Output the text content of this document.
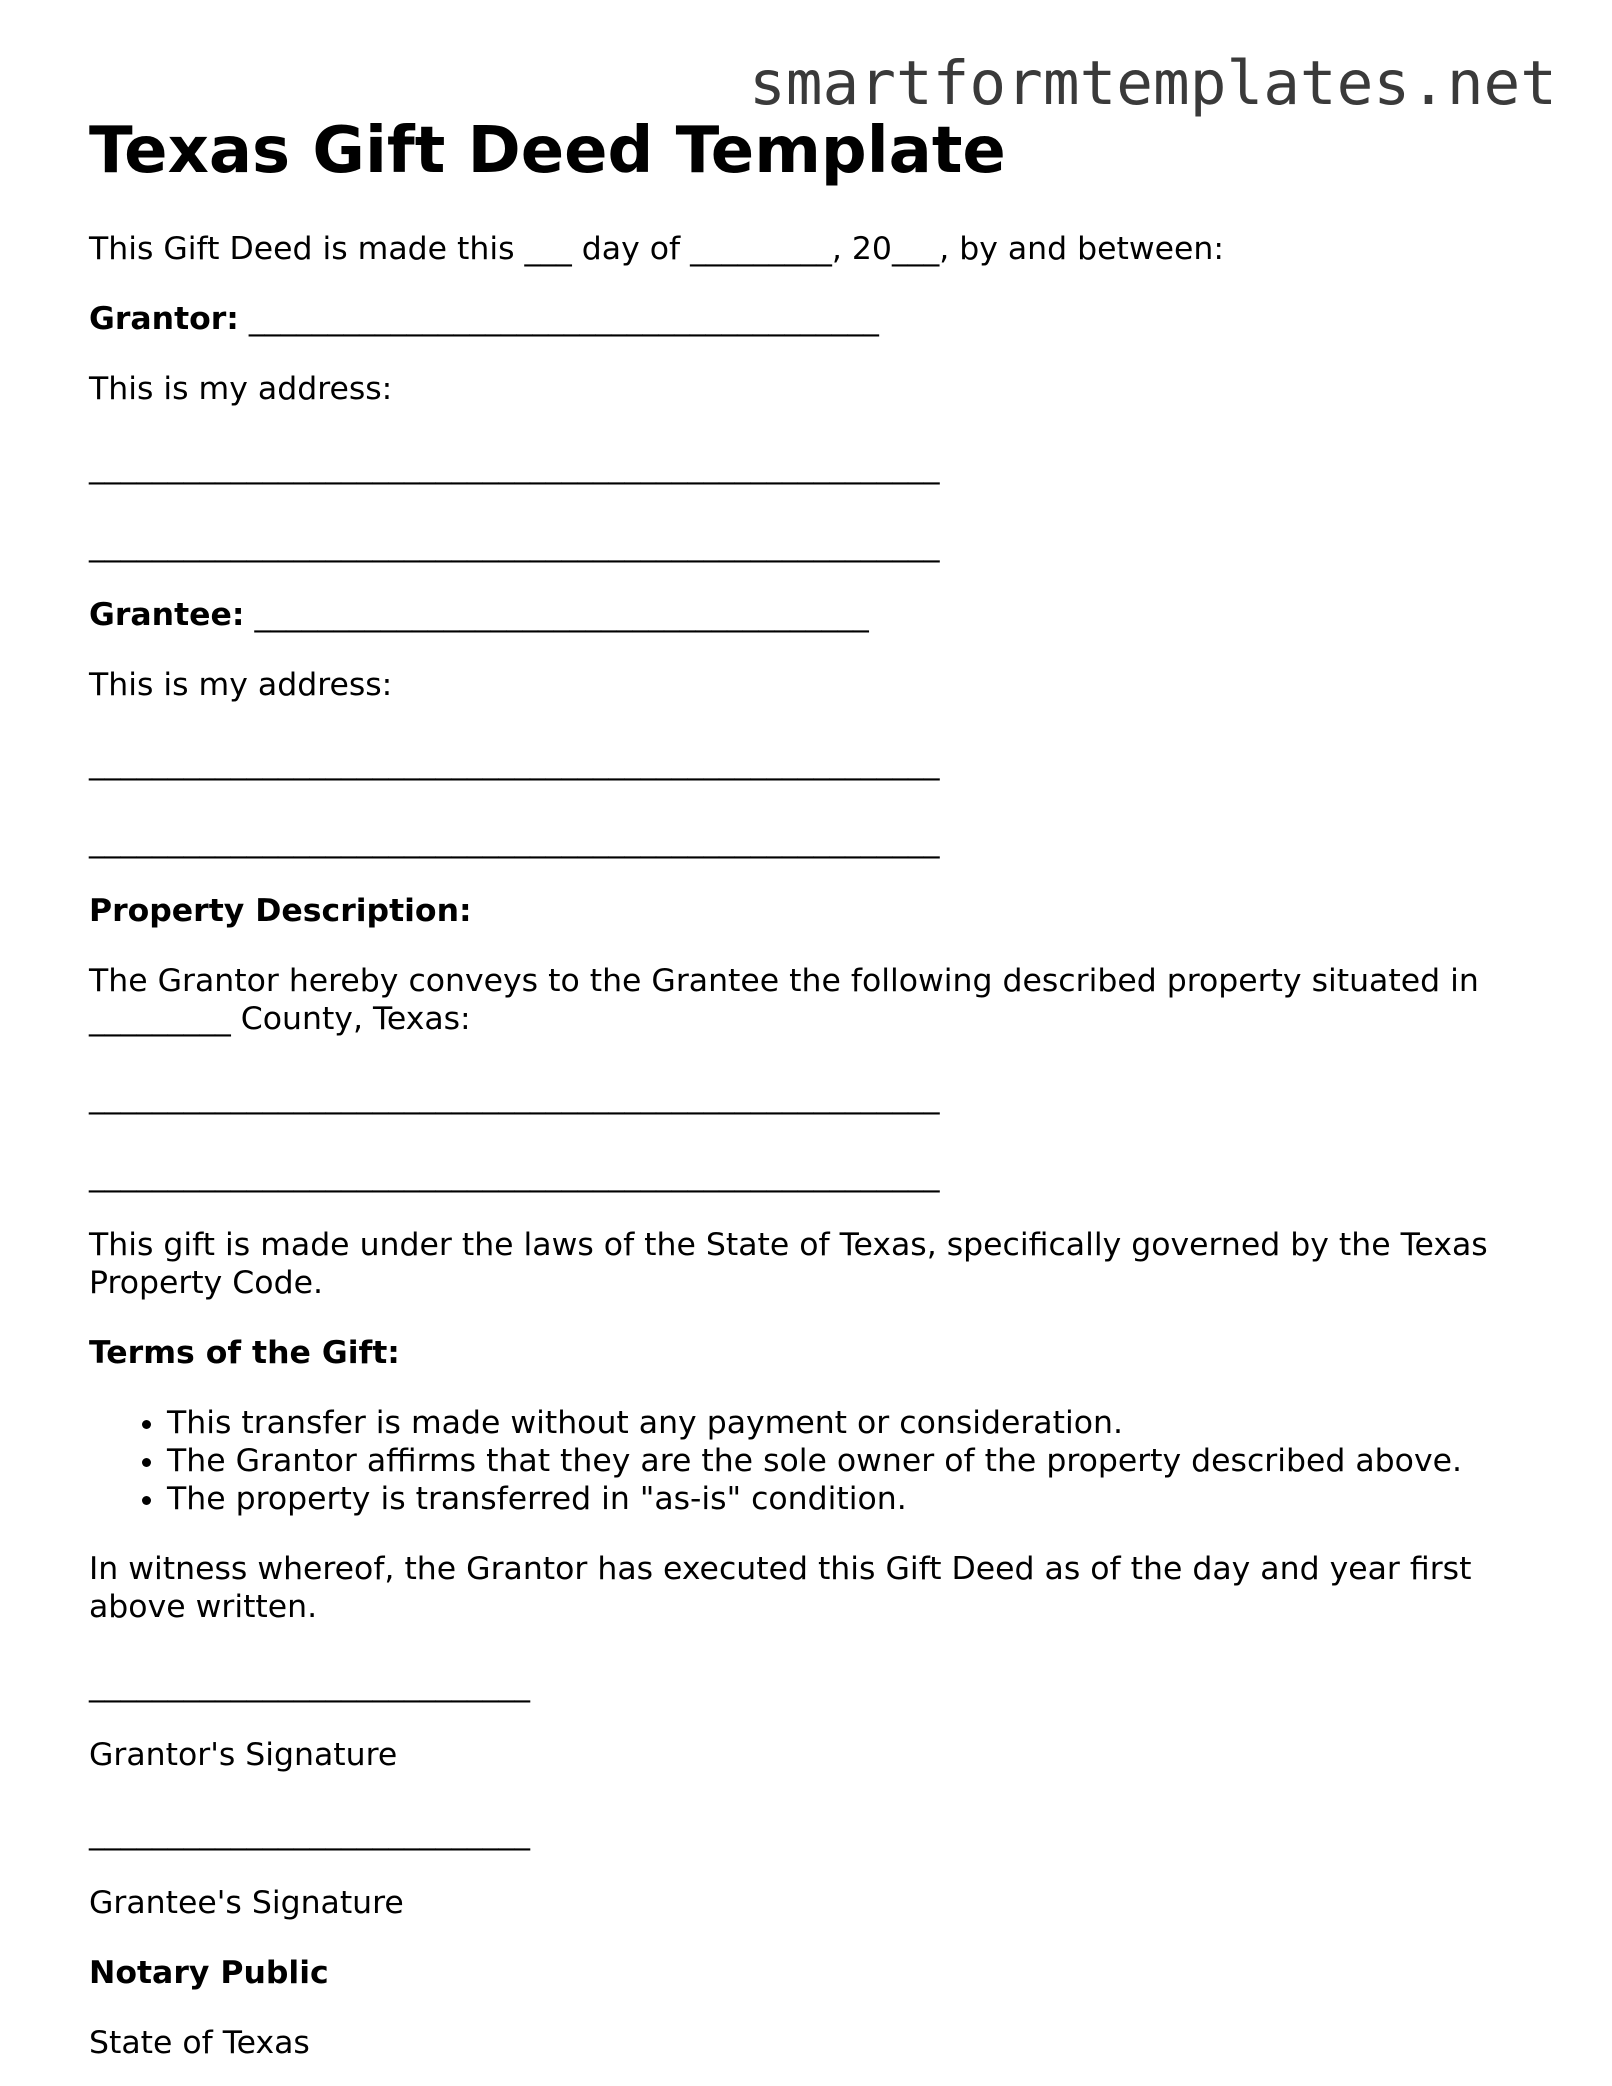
smartformtemplates.net
Texas Gift Deed Template

This Gift Deed is made this ___ day of _________, 20___, by and between:

Grantor: ________________________________________

This is my address:

______________________________________________________

______________________________________________________

Grantee: _______________________________________

This is my address:

______________________________________________________

______________________________________________________

Property Description:

The Grantor hereby conveys to the Grantee the following described property situated in _________ County, Texas:

______________________________________________________

______________________________________________________

This gift is made under the laws of the State of Texas, specifically governed by the Texas Property Code.

Terms of the Gift:

• This transfer is made without any payment or consideration.
• The Grantor affirms that they are the sole owner of the property described above.
• The property is transferred in "as-is" condition.

In witness whereof, the Grantor has executed this Gift Deed as of the day and year first above written.

____________________________

Grantor's Signature

____________________________

Grantee's Signature

Notary Public

State of Texas
